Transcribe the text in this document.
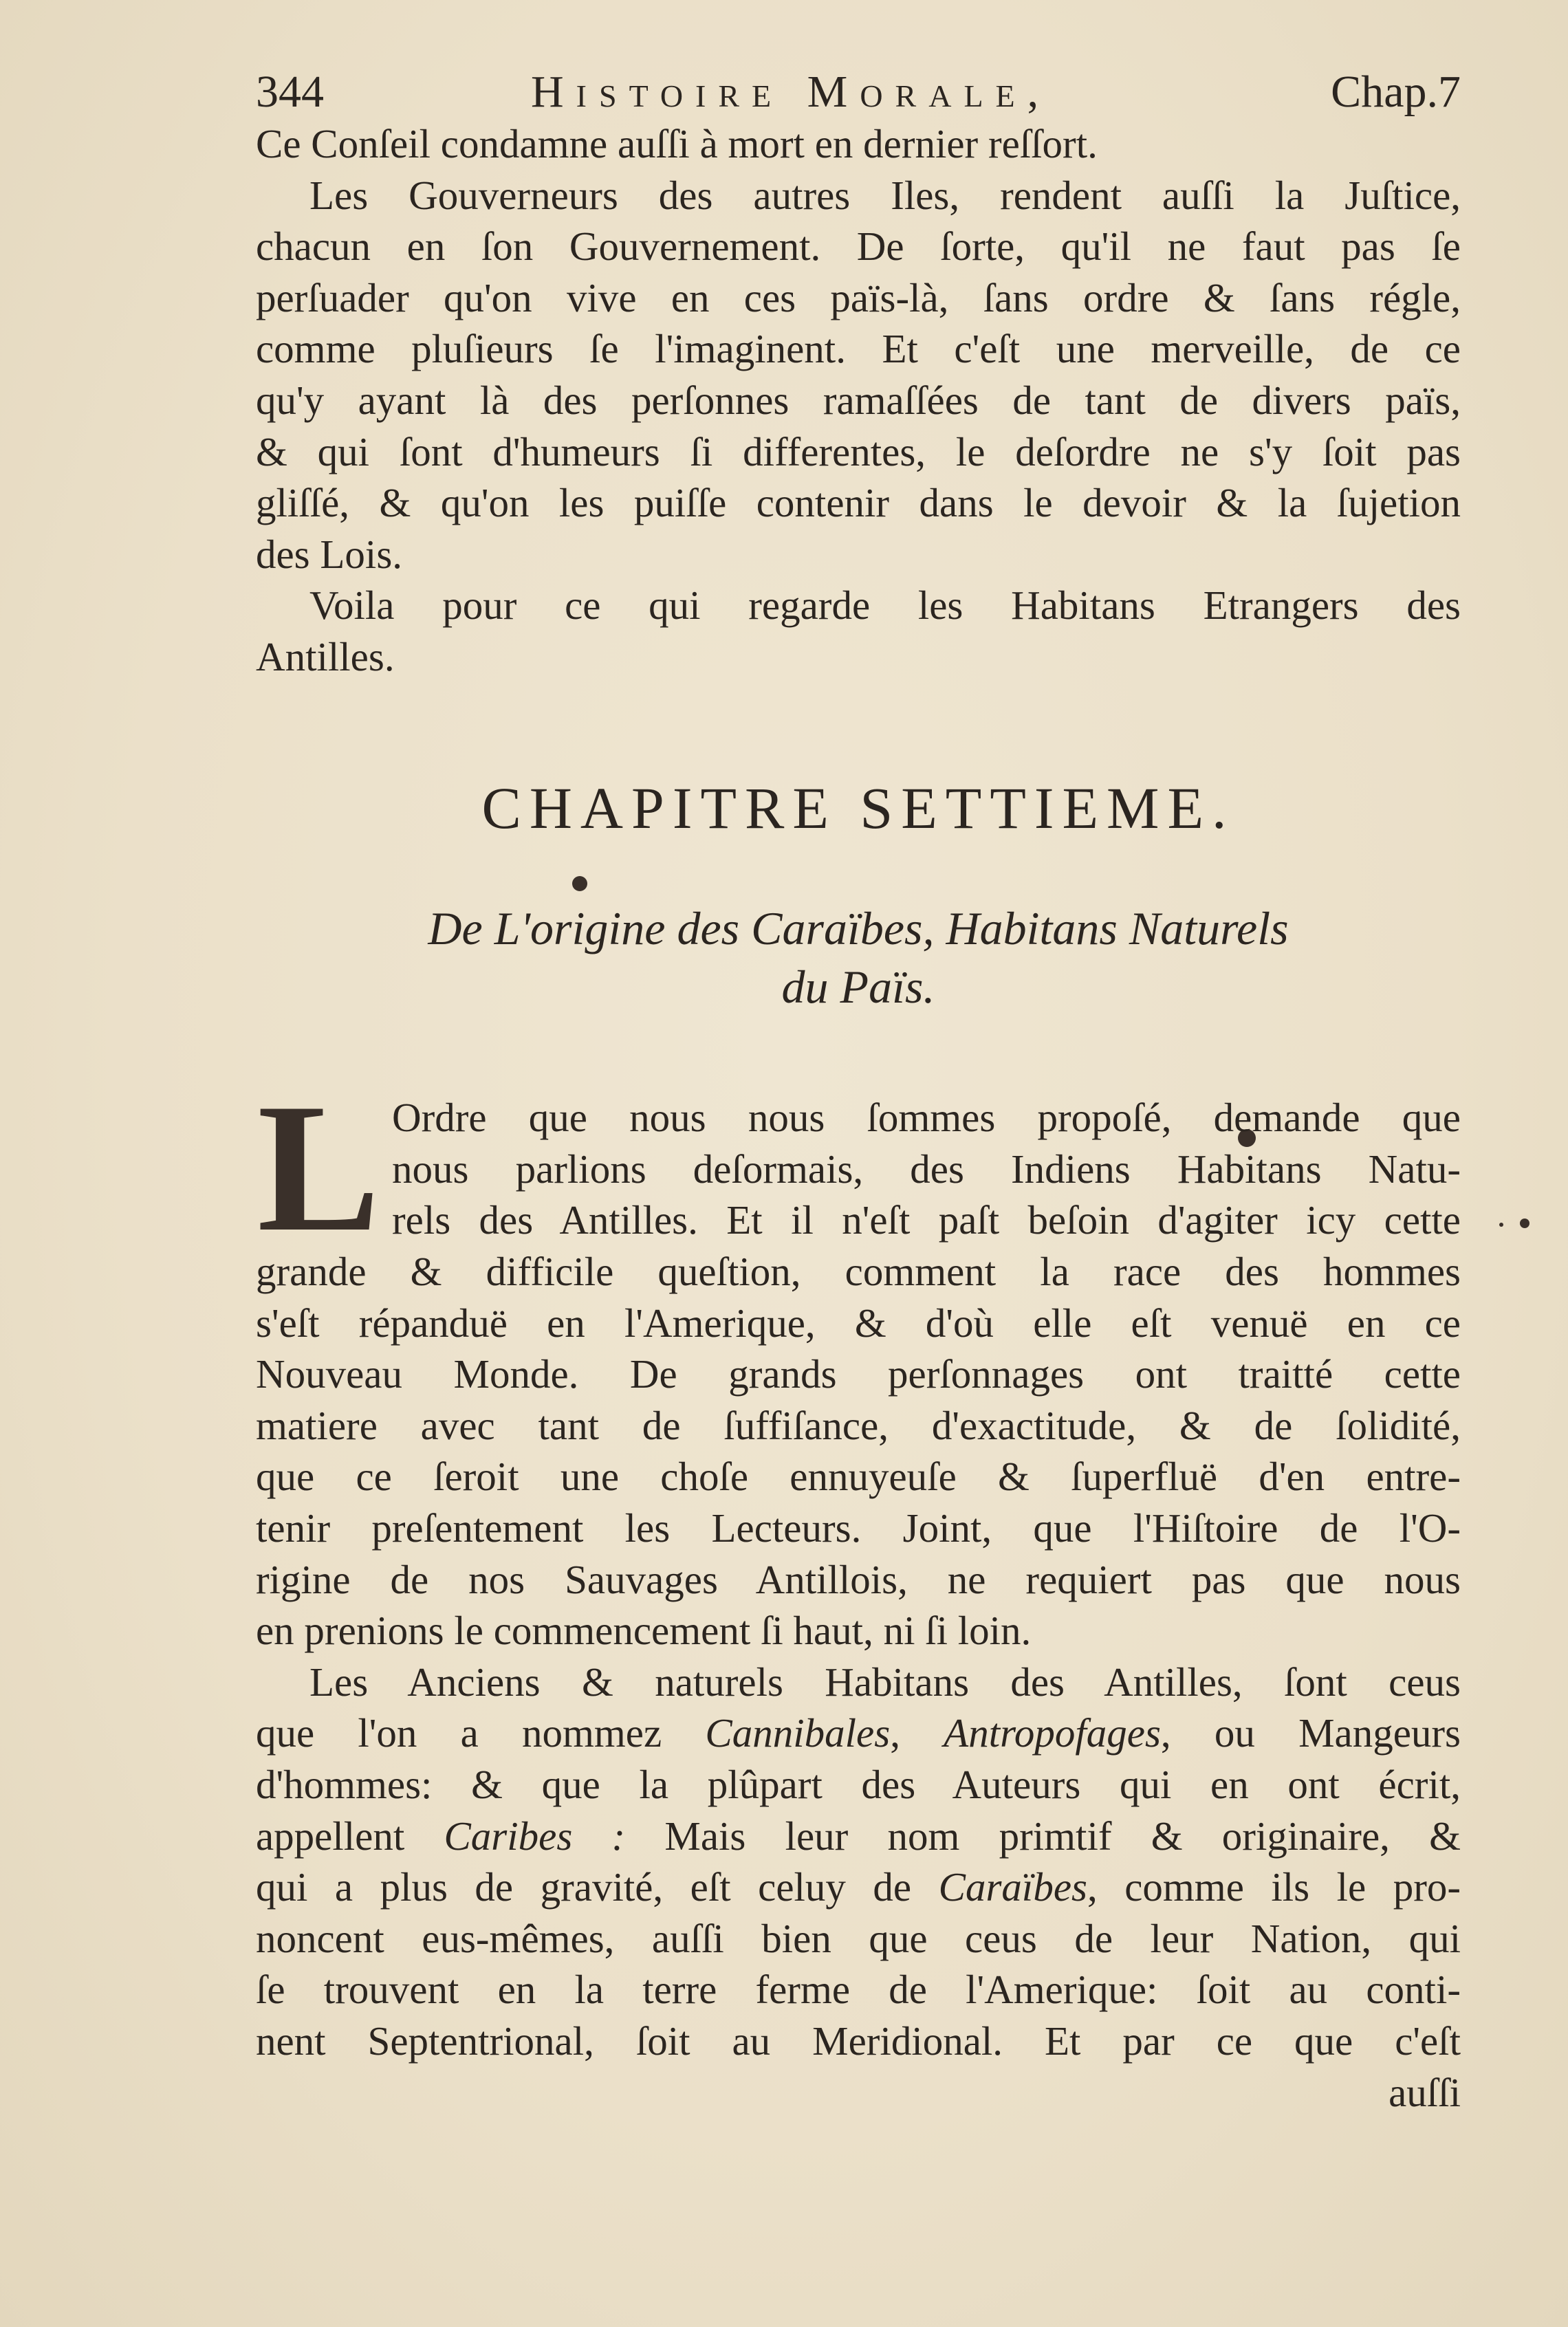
344	Histoire Morale,	Chap.7
Ce Conſeil condamne auſſi à mort en dernier reſſort.
Les Gouverneurs des autres Iles, rendent auſſi la Juſtice,
chacun en ſon Gouvernement. De ſorte, qu'il ne faut pas ſe
perſuader qu'on vive en ces païs-là, ſans ordre & ſans régle,
comme pluſieurs ſe l'imaginent. Et c'eſt une merveille, de ce
qu'y ayant là des perſonnes ramaſſées de tant de divers païs,
& qui ſont d'humeurs ſi differentes, le deſordre ne s'y ſoit pas
gliſſé, & qu'on les puiſſe contenir dans le devoir & la ſujetion
des Lois.
Voila pour ce qui regarde les Habitans Etrangers des
Antilles.
CHAPITRE SETTIEME.
De L'origine des Caraïbes, Habitans Naturels
du Païs.
L Ordre que nous nous ſommes propoſé, demande que
nous parlions deſormais, des Indiens Habitans Natu-
rels des Antilles. Et il n'eſt paſt beſoin d'agiter icy cette
grande & difficile queſtion, comment la race des hommes
s'eſt répanduë en l'Amerique, & d'où elle eſt venuë en ce
Nouveau Monde. De grands perſonnages ont traitté cette
matiere avec tant de ſuffiſance, d'exactitude, & de ſolidité,
que ce ſeroit une choſe ennuyeuſe & ſuperfluë d'en entre-
tenir preſentement les Lecteurs. Joint, que l'Hiſtoire de l'O-
rigine de nos Sauvages Antillois, ne requiert pas que nous
en prenions le commencement ſi haut, ni ſi loin.
Les Anciens & naturels Habitans des Antilles, ſont ceus
que l'on a nommez Cannibales, Antropofages, ou Mangeurs
d'hommes: & que la plûpart des Auteurs qui en ont écrit,
appellent Caribes : Mais leur nom primtif & originaire, &
qui a plus de gravité, eſt celuy de Caraïbes, comme ils le pro-
noncent eus-mêmes, auſſi bien que ceus de leur Nation, qui
ſe trouvent en la terre ferme de l'Amerique: ſoit au conti-
nent Septentrional, ſoit au Meridional. Et par ce que c'eſt
auſſi
